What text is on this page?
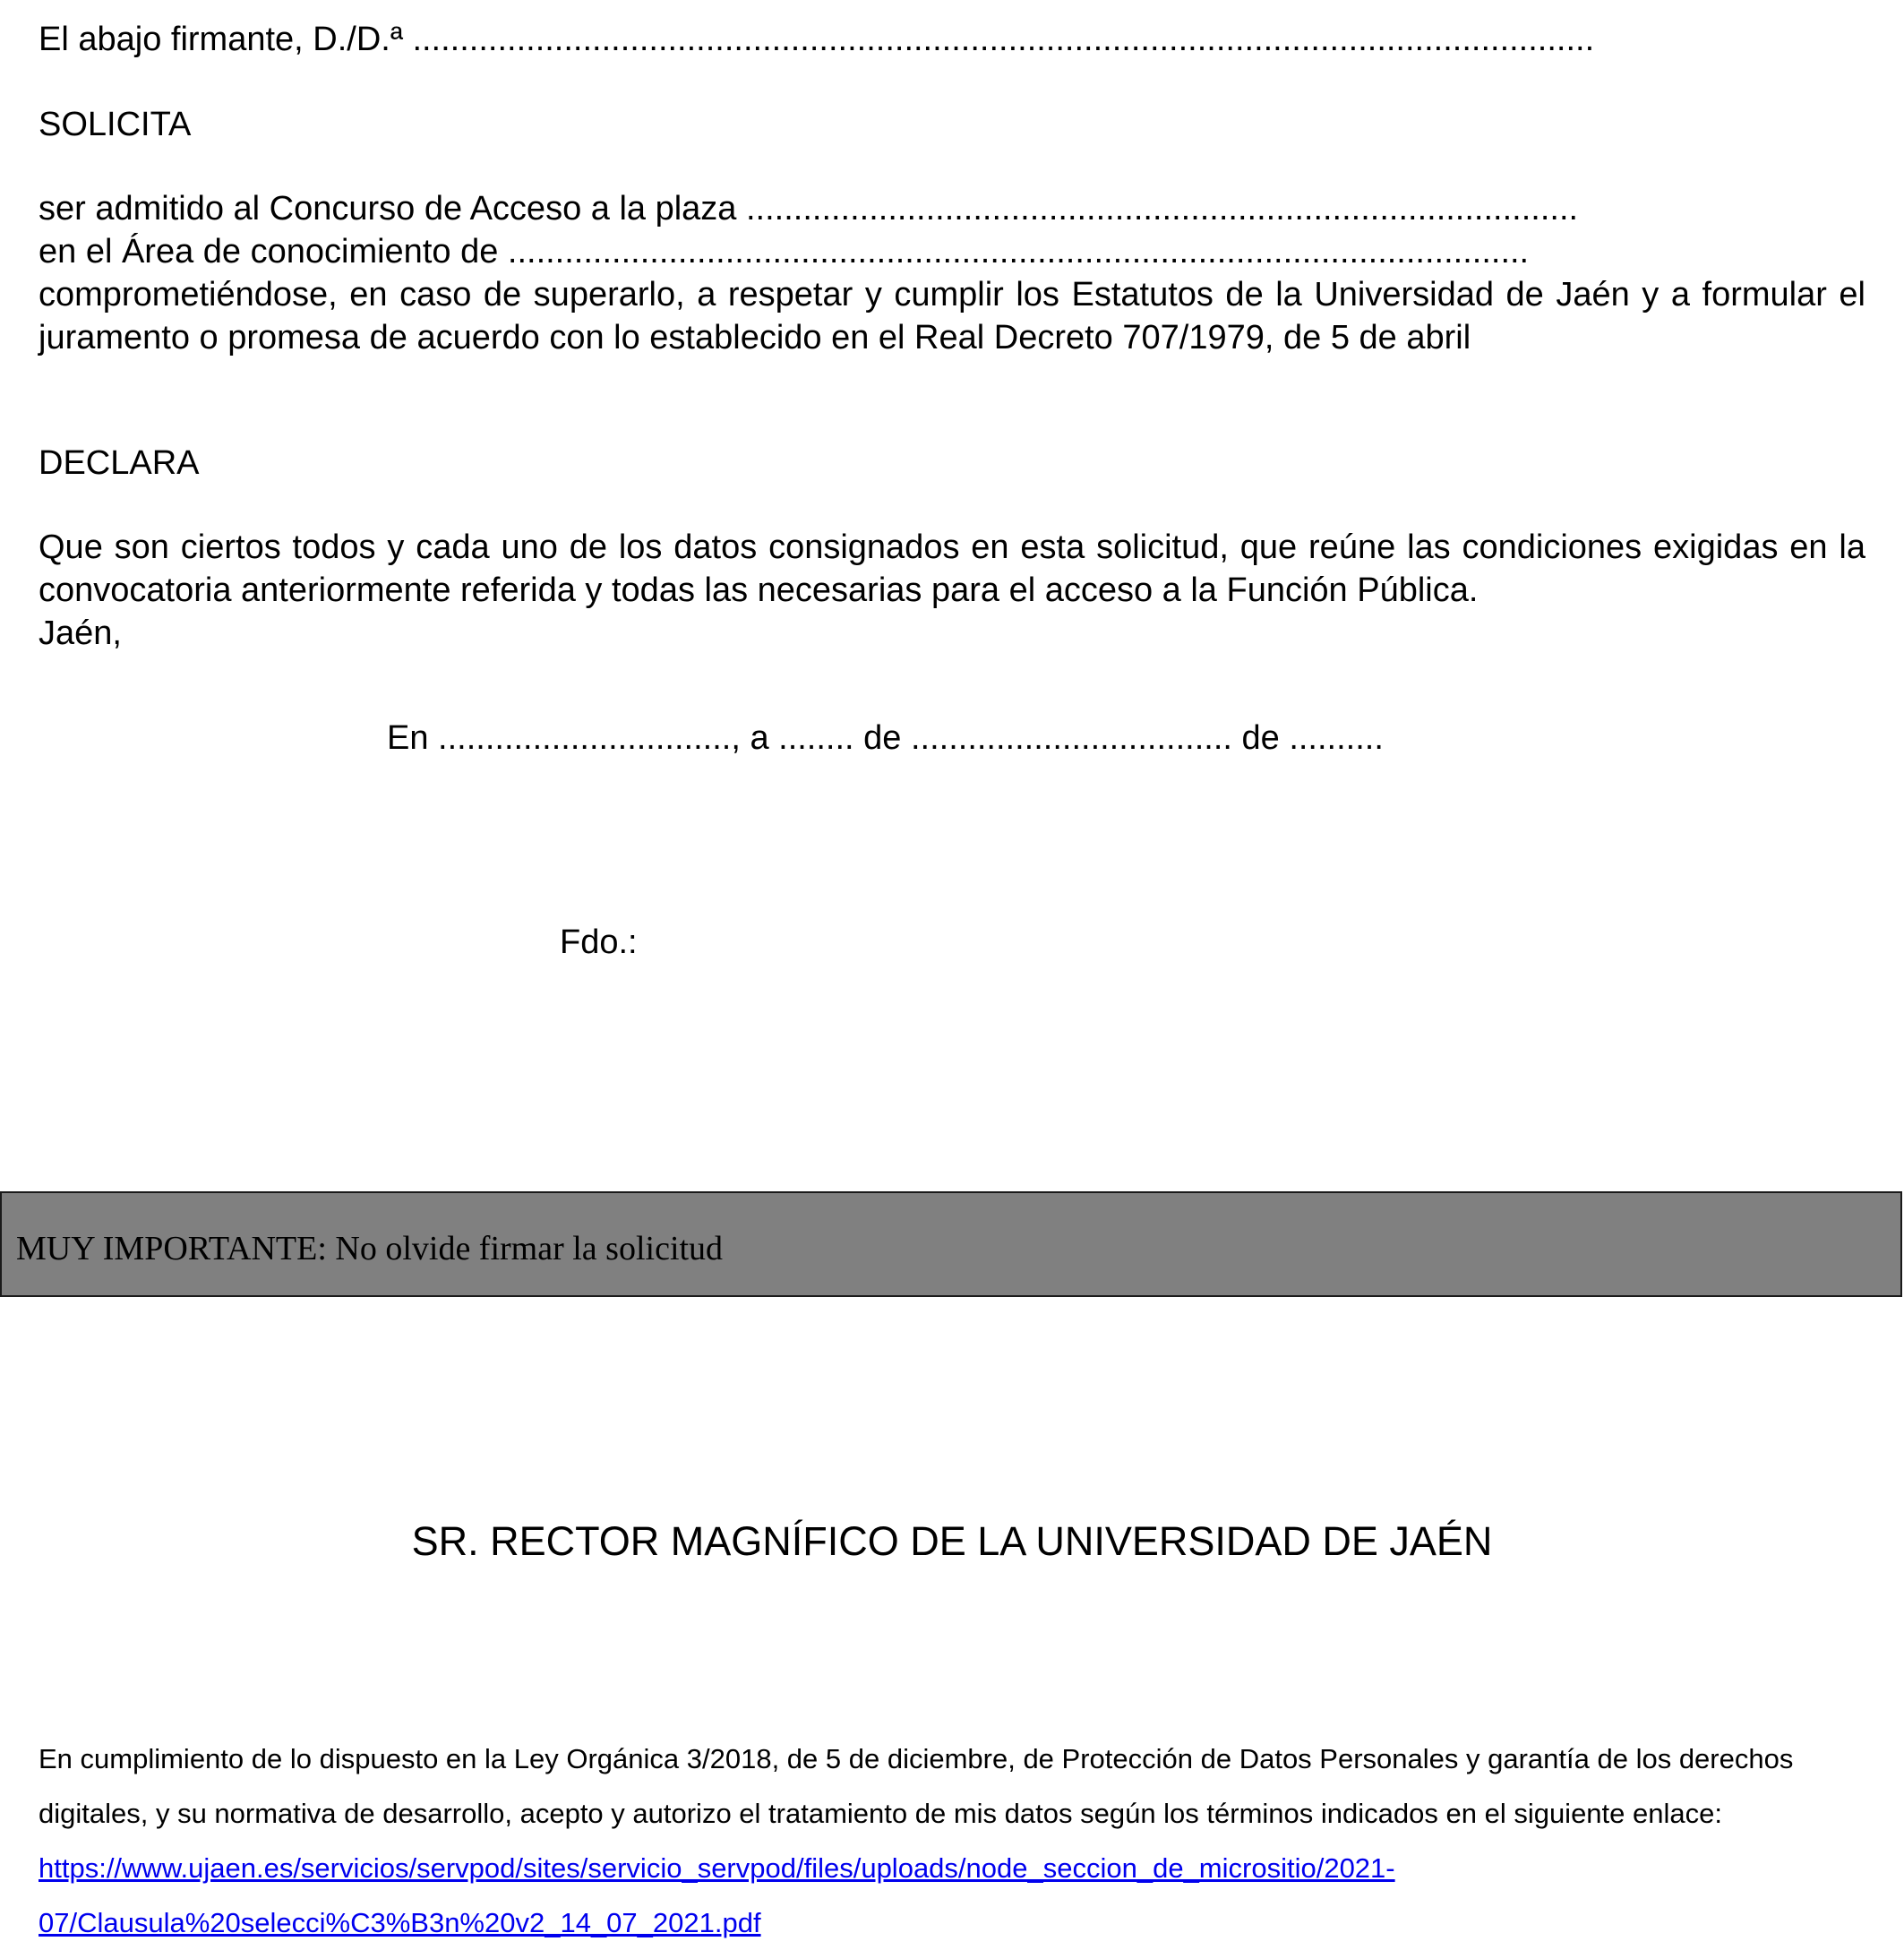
El abajo firmante, D./D.ª .............................................................................................................................
SOLICITA
ser admitido al Concurso de Acceso a la plaza ........................................................................................
en el Área de conocimiento de ............................................................................................................
comprometiéndose, en caso de superarlo, a respetar y cumplir los Estatutos de la Universidad de Jaén y a formular el juramento o promesa de acuerdo con lo establecido en el Real Decreto 707/1979, de 5 de abril
DECLARA
Que son ciertos todos y cada uno de los datos consignados en esta solicitud, que reúne las condiciones exigidas en la convocatoria anteriormente referida y todas las necesarias para el acceso a la Función Pública.
Jaén,
En ..............................., a ........ de .................................. de ..........
Fdo.:
MUY IMPORTANTE: No olvide firmar la solicitud
SR. RECTOR MAGNÍFICO DE LA UNIVERSIDAD DE JAÉN
En cumplimiento de lo dispuesto en la Ley Orgánica 3/2018, de 5 de diciembre, de Protección de Datos Personales y garantía de los derechos
digitales, y su normativa de desarrollo, acepto y autorizo el tratamiento de mis datos según los términos indicados en el siguiente enlace:
https://www.ujaen.es/servicios/servpod/sites/servicio_servpod/files/uploads/node_seccion_de_micrositio/2021-
07/Clausula%20selecci%C3%B3n%20v2_14_07_2021.pdf
